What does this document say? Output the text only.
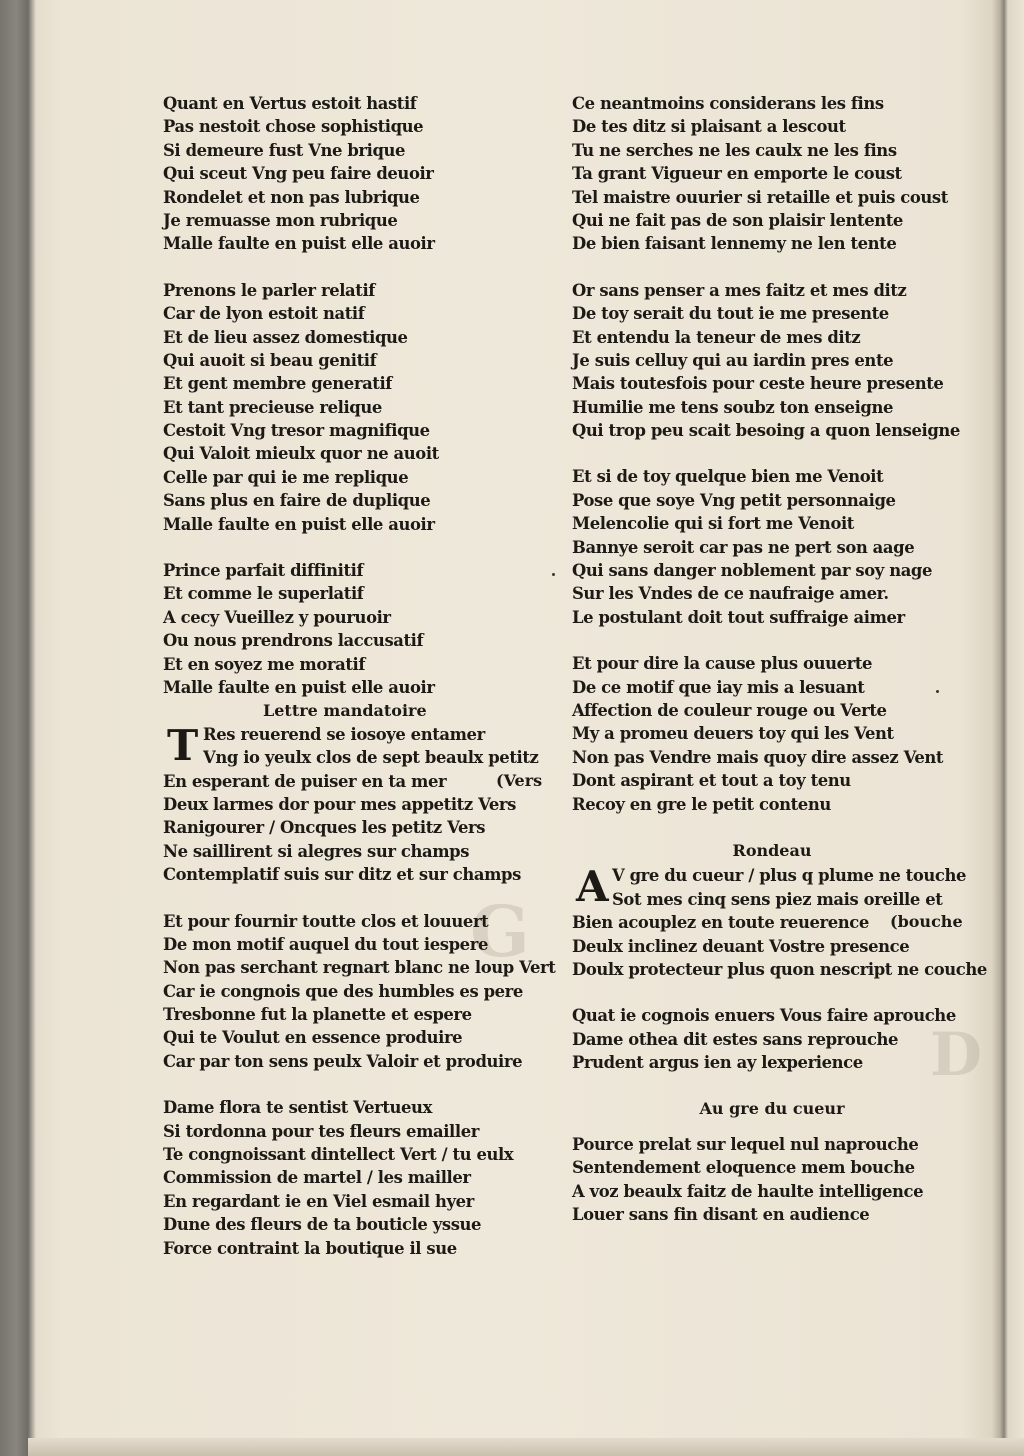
G
D
Quant en Vertus estoit hastif
Pas nestoit chose sophistique
Si demeure fust Vne brique
Qui sceut Vng peu faire deuoir
Rondelet et non pas lubrique
Je remuasse mon rubrique
Malle faulte en puist elle auoir
Prenons le parler relatif
Car de lyon estoit natif
Et de lieu assez domestique
Qui auoit si beau genitif
Et gent membre generatif
Et tant precieuse relique
Cestoit Vng tresor magnifique
Qui Valoit mieulx quor ne auoit
Celle par qui ie me replique
Sans plus en faire de duplique
Malle faulte en puist elle auoir
Prince parfait diffinitif
Et comme le superlatif
A cecy Vueillez y pouruoir
Ou nous prendrons laccusatif
Et en soyez me moratif
Malle faulte en puist elle auoir
Lettre mandatoire
T Res reuerend se iosoye entamer
Vng io yeulx clos de sept beaulx petitz
En esperant de puiser en ta mer
Deux larmes dor pour mes appetitz Vers
Ranigourer / Oncques les petitz Vers
Ne saillirent si alegres sur champs
Contemplatif suis sur ditz et sur champs
(Vers
Et pour fournir toutte clos et louuert
De mon motif auquel du tout iespere
Non pas serchant regnart blanc ne loup Vert
Car ie congnois que des humbles es pere
Tresbonne fut la planette et espere
Qui te Voulut en essence produire
Car par ton sens peulx Valoir et produire
Dame flora te sentist Vertueux
Si tordonna pour tes fleurs emailler
Te congnoissant dintellect Vert / tu eulx
Commission de martel / les mailler
En regardant ie en Viel esmail hyer
Dune des fleurs de ta bouticle yssue
Force contraint la boutique il sue
Ce neantmoins considerans les fins
De tes ditz si plaisant a lescout
Tu ne serches ne les caulx ne les fins
Ta grant Vigueur en emporte le coust
Tel maistre ouurier si retaille et puis coust
Qui ne fait pas de son plaisir lentente
De bien faisant lennemy ne len tente
Or sans penser a mes faitz et mes ditz
De toy serait du tout ie me presente
Et entendu la teneur de mes ditz
Je suis celluy qui au iardin pres ente
Mais toutesfois pour ceste heure presente
Humilie me tens soubz ton enseigne
Qui trop peu scait besoing a quon lenseigne
Et si de toy quelque bien me Venoit
Pose que soye Vng petit personnaige
Melencolie qui si fort me Venoit
Bannye seroit car pas ne pert son aage
Qui sans danger noblement par soy nage
Sur les Vndes de ce naufraige amer.
Le postulant doit tout suffraige aimer
Et pour dire la cause plus ouuerte
De ce motif que iay mis a lesuant
Affection de couleur rouge ou Verte
My a promeu deuers toy qui les Vent
Non pas Vendre mais quoy dire assez Vent
Dont aspirant et tout a toy tenu
Recoy en gre le petit contenu
Rondeau
A V gre du cueur / plus q plume ne touche
Sot mes cinq sens piez mais oreille et
Bien acouplez en toute reuerence
Deulx inclinez deuant Vostre presence
Doulx protecteur plus quon nescript ne couche
(bouche
Quat ie cognois enuers Vous faire aprouche
Dame othea dit estes sans reprouche
Prudent argus ien ay lexperience
Au gre du cueur
Pource prelat sur lequel nul naprouche
Sentendement eloquence mem bouche
A voz beaulx faitz de haulte intelligence
Louer sans fin disant en audience
